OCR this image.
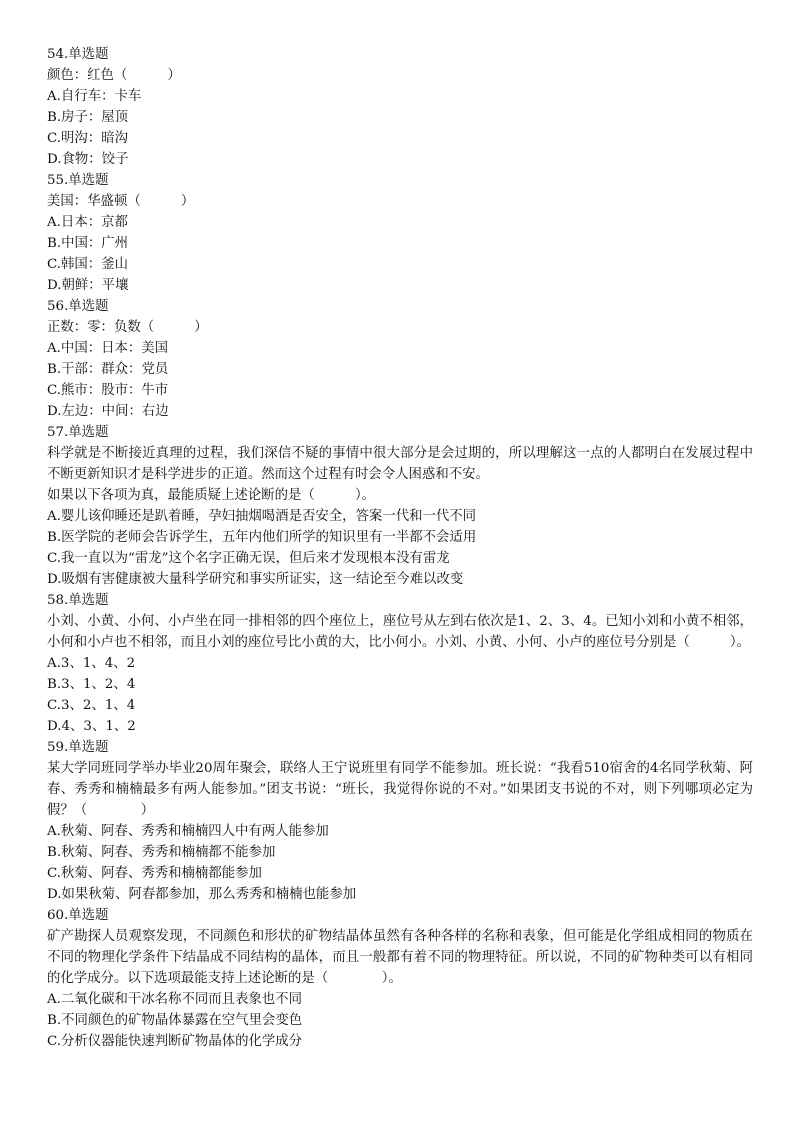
54.单选题
颜色：红色（　　　）
A.自行车：卡车
B.房子：屋顶
C.明沟：暗沟
D.食物：饺子
55.单选题
美国：华盛顿（　　　）
A.日本：京都
B.中国：广州
C.韩国：釜山
D.朝鲜：平壤
56.单选题
正数：零：负数（　　　）
A.中国：日本：美国
B.干部：群众：党员
C.熊市：股市：牛市
D.左边：中间：右边
57.单选题
科学就是不断接近真理的过程，我们深信不疑的事情中很大部分是会过期的，所以理解这一点的人都明白在发展过程中不断更新知识才是科学进步的正道。然而这个过程有时会令人困惑和不安。
如果以下各项为真，最能质疑上述论断的是（　　　）。
A.婴儿该仰睡还是趴着睡，孕妇抽烟喝酒是否安全，答案一代和一代不同
B.医学院的老师会告诉学生，五年内他们所学的知识里有一半都不会适用
C.我一直以为“雷龙”这个名字正确无误，但后来才发现根本没有雷龙
D.吸烟有害健康被大量科学研究和事实所证实，这一结论至今难以改变
58.单选题
小刘、小黄、小何、小卢坐在同一排相邻的四个座位上，座位号从左到右依次是1、2、3、4。已知小刘和小黄不相邻，小何和小卢也不相邻，而且小刘的座位号比小黄的大，比小何小。小刘、小黄、小何、小卢的座位号分别是（　　　）。
A.3、1、4、2
B.3、1、2、4
C.3、2、1、4
D.4、3、1、2
59.单选题
某大学同班同学举办毕业20周年聚会，联络人王宁说班里有同学不能参加。班长说：“我看510宿舍的4名同学秋菊、阿春、秀秀和楠楠最多有两人能参加。”团支书说：“班长，我觉得你说的不对。”如果团支书说的不对，则下列哪项必定为假？（　　　　）
A.秋菊、阿春、秀秀和楠楠四人中有两人能参加
B.秋菊、阿春、秀秀和楠楠都不能参加
C.秋菊、阿春、秀秀和楠楠都能参加
D.如果秋菊、阿春都参加，那么秀秀和楠楠也能参加
60.单选题
矿产勘探人员观察发现，不同颜色和形状的矿物结晶体虽然有各种各样的名称和表象，但可能是化学组成相同的物质在不同的物理化学条件下结晶成不同结构的晶体，而且一般都有着不同的物理特征。所以说，不同的矿物种类可以有相同的化学成分。以下选项最能支持上述论断的是（　　　　）。
A.二氧化碳和干冰名称不同而且表象也不同
B.不同颜色的矿物晶体暴露在空气里会变色
C.分析仪器能快速判断矿物晶体的化学成分
